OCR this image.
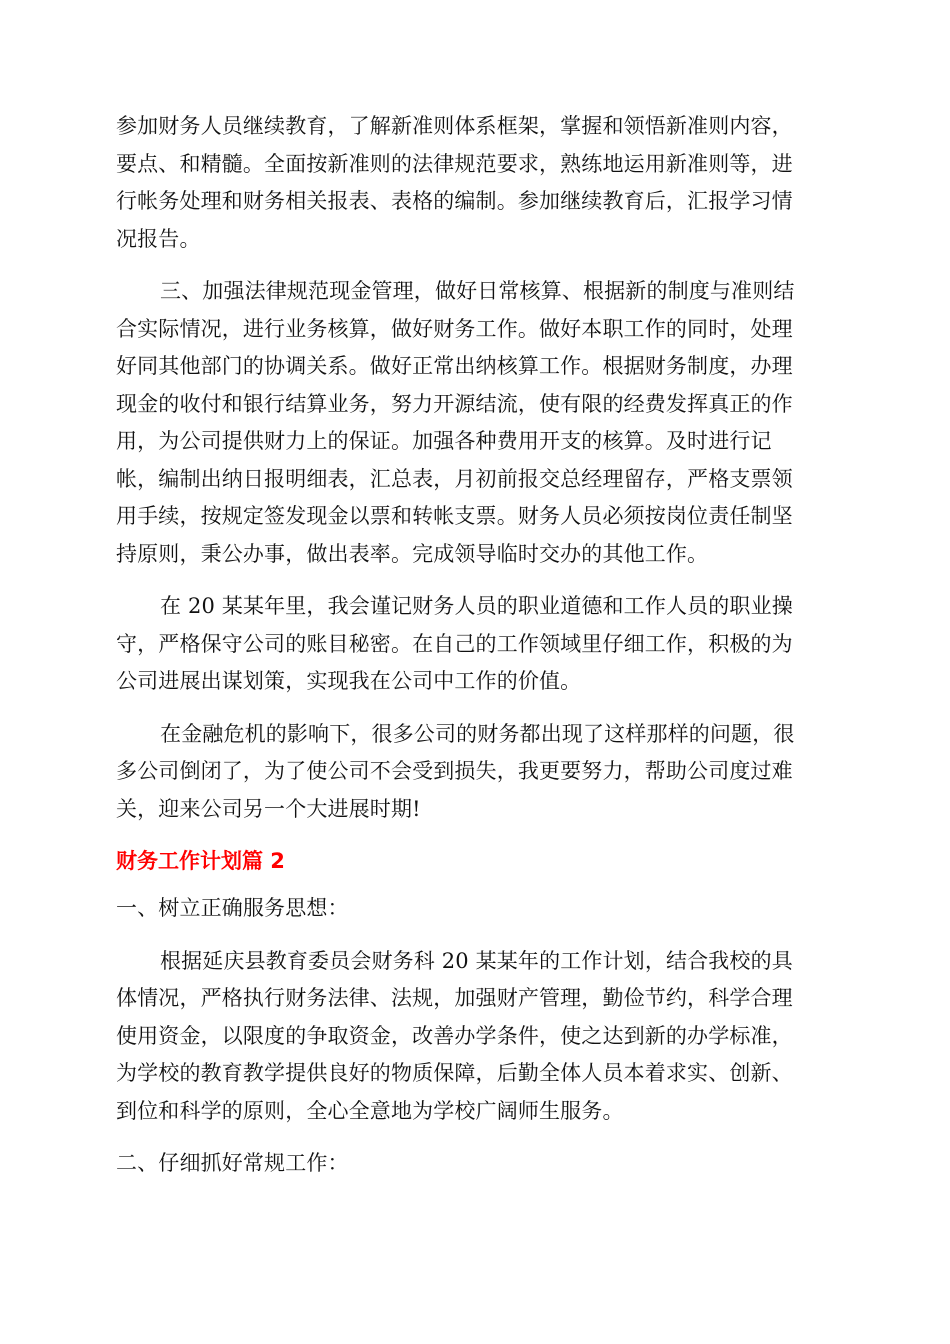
参加财务人员继续教育，了解新准则体系框架，掌握和领悟新准则内容，
要点、和精髓。全面按新准则的法律规范要求，熟练地运用新准则等，进
行帐务处理和财务相关报表、表格的编制。参加继续教育后，汇报学习情
况报告。
三、加强法律规范现金管理，做好日常核算、根据新的制度与准则结
合实际情况，进行业务核算，做好财务工作。做好本职工作的同时，处理
好同其他部门的协调关系。做好正常出纳核算工作。根据财务制度，办理
现金的收付和银行结算业务，努力开源结流，使有限的经费发挥真正的作
用，为公司提供财力上的保证。加强各种费用开支的核算。及时进行记
帐，编制出纳日报明细表，汇总表，月初前报交总经理留存，严格支票领
用手续，按规定签发现金以票和转帐支票。财务人员必须按岗位责任制坚
持原则，秉公办事，做出表率。完成领导临时交办的其他工作。
在 20 某某年里，我会谨记财务人员的职业道德和工作人员的职业操
守，严格保守公司的账目秘密。在自己的工作领域里仔细工作，积极的为
公司进展出谋划策，实现我在公司中工作的价值。
在金融危机的影响下，很多公司的财务都出现了这样那样的问题，很
多公司倒闭了，为了使公司不会受到损失，我更要努力，帮助公司度过难
关，迎来公司另一个大进展时期!
财务工作计划篇 2
一、树立正确服务思想：
根据延庆县教育委员会财务科 20 某某年的工作计划，结合我校的具
体情况，严格执行财务法律、法规，加强财产管理，勤俭节约，科学合理
使用资金，以限度的争取资金，改善办学条件，使之达到新的办学标准，
为学校的教育教学提供良好的物质保障，后勤全体人员本着求实、创新、
到位和科学的原则，全心全意地为学校广阔师生服务。
二、仔细抓好常规工作：
